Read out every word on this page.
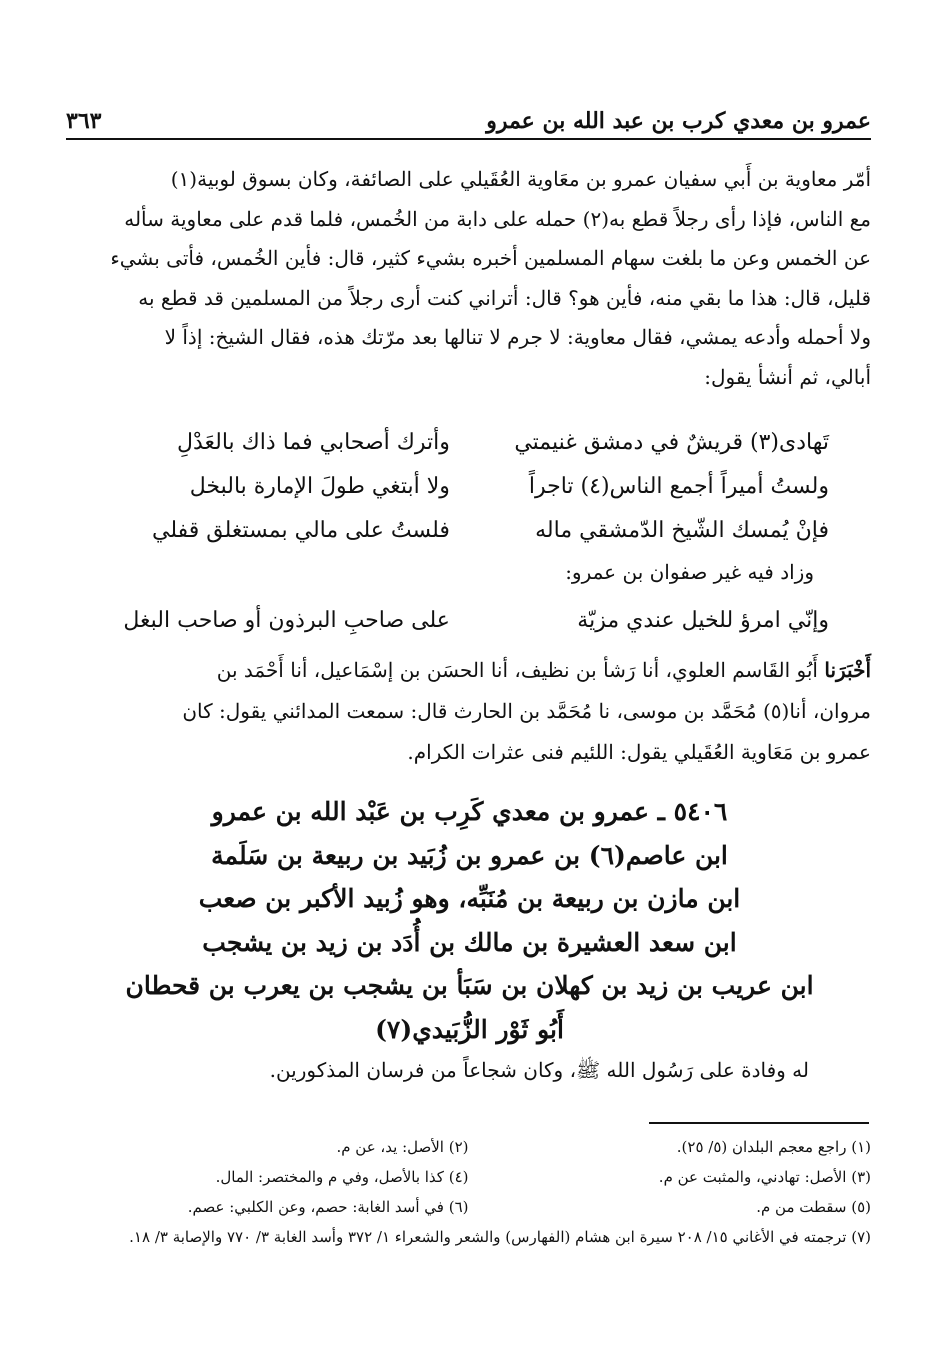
عمرو بن معدي كرب بن عبد الله بن عمرو
٣٦٣

أمّر معاوية بن أَبي سفيان عمرو بن معَاوية العُقَيلي على الصائفة، وكان بسوق لوبية(١)

مع الناس، فإذا رأى رجلاً قطع به(٢) حمله على دابة من الخُمس، فلما قدم على معاوية سأله

عن الخمس وعن ما بلغت سهام المسلمين أخبره بشيء كثير، قال: فأين الخُمس، فأتى بشيء

قليل، قال: هذا ما بقي منه، فأين هو؟ قال: أتراني كنت أرى رجلاً من المسلمين قد قطع به

ولا أحمله وأدعه يمشي، فقال معاوية: لا جرم لا تنالها بعد مرّتك هذه، فقال الشيخ: إذاً لا

أبالي، ثم أنشأ يقول:

تَهادى(٣) قريشٌ في دمشق غنيمتي
وأترك أصحابي فما ذاك بالعَدْلِ
ولستُ أميراً أجمع الناس(٤) تاجراً
ولا أبتغي طولَ الإمارة بالبخل
فإنْ يُمسك الشّيخ الدّمشقي ماله
فلستُ على مالي بمستغلق قفلي
وزاد فيه غير صفوان بن عمرو:
وإنّي امرؤ للخيل عندي مزيّة
على صاحبِ البرذون أو صاحب البغل

أَخْبَرَنا أَبُو القَاسم العلوي، أنا رَشأ بن نظيف، أنا الحسَن بن إسْمَاعيل، أنا أَحْمَد بن

مروان، أنا(٥) مُحَمَّد بن موسى، نا مُحَمَّد بن الحارث قال: سمعت المدائني يقول: كان

عمرو بن مَعَاوية العُقَيلي يقول: اللئيم فنى عثرات الكرام.

٥٤٠٦ ـ عمرو بن معدي كَرِب بن عَبْد الله بن عمرو
ابن عاصم(٦) بن عمرو بن زُبَيد بن ربيعة بن سَلَمة
ابن مازن بن ربيعة بن مُنَبِّه، وهو زُبيد الأكبر بن صعب
ابن سعد العشيرة بن مالك بن أُدَد بن زيد بن يشجب
ابن عريب بن زيد بن كهلان بن سَبَأ بن يشجب بن يعرب بن قحطان
أَبُو ثَوْر الزُّبَيدي(٧)
له وفادة على رَسُول الله ﷺ، وكان شجاعاً من فرسان المذكورين.
(١) راجع معجم البلدان (٥/ ٢٥).
(٢) الأصل: يد، عن م.
(٣) الأصل: تهادني، والمثبت عن م.
(٤) كذا بالأصل، وفي م والمختصر: المال.
(٥) سقطت من م.
(٦) في أسد الغابة: حصم، وعن الكلبي: عصم.
(٧) ترجمته في الأغاني ١٥/ ٢٠٨ سيرة ابن هشام (الفهارس) والشعر والشعراء ١/ ٣٧٢ وأسد الغابة ٣/ ٧٧٠ والإصابة ٣/ ١٨.
